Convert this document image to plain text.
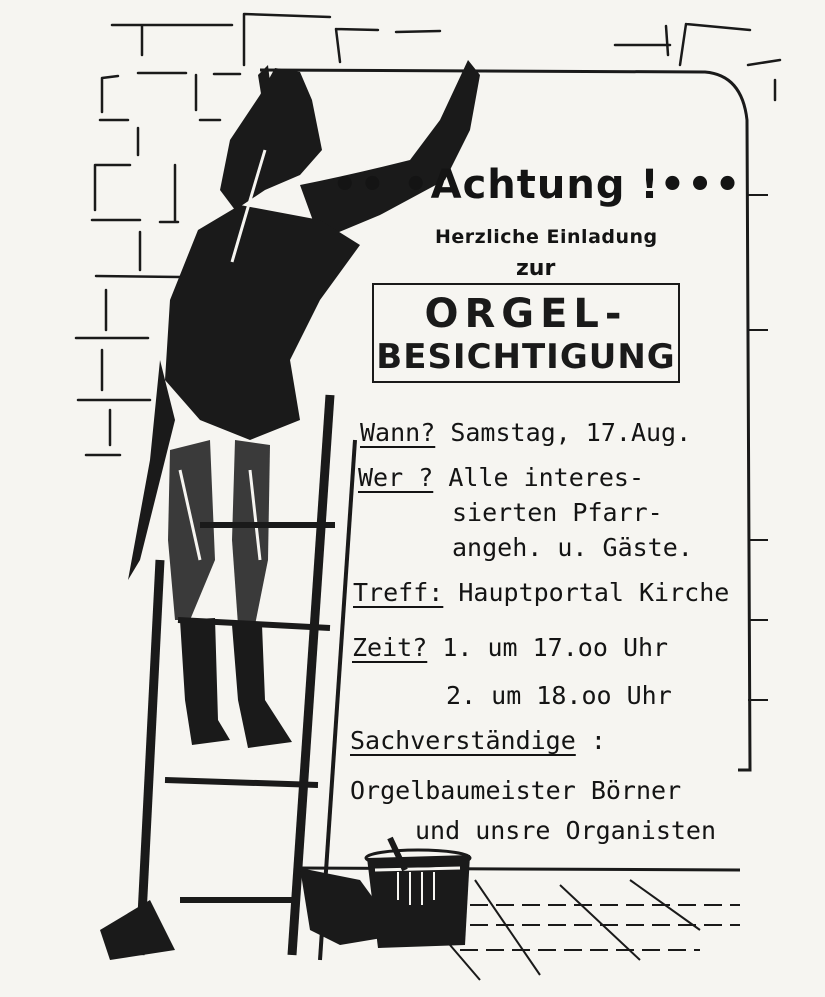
•• •Achtung !•••
Herzliche Einladung
zur
ORGEL-
BESICHTIGUNG
Wann? Samstag, 17.Aug.
Wer ? Alle interes-
sierten Pfarr-
angeh. u. Gäste.
Treff: Hauptportal Kirche
Zeit? 1. um 17.oo Uhr
2. um 18.oo Uhr
Sachverständige :
Orgelbaumeister Börner
und unsre Organisten
